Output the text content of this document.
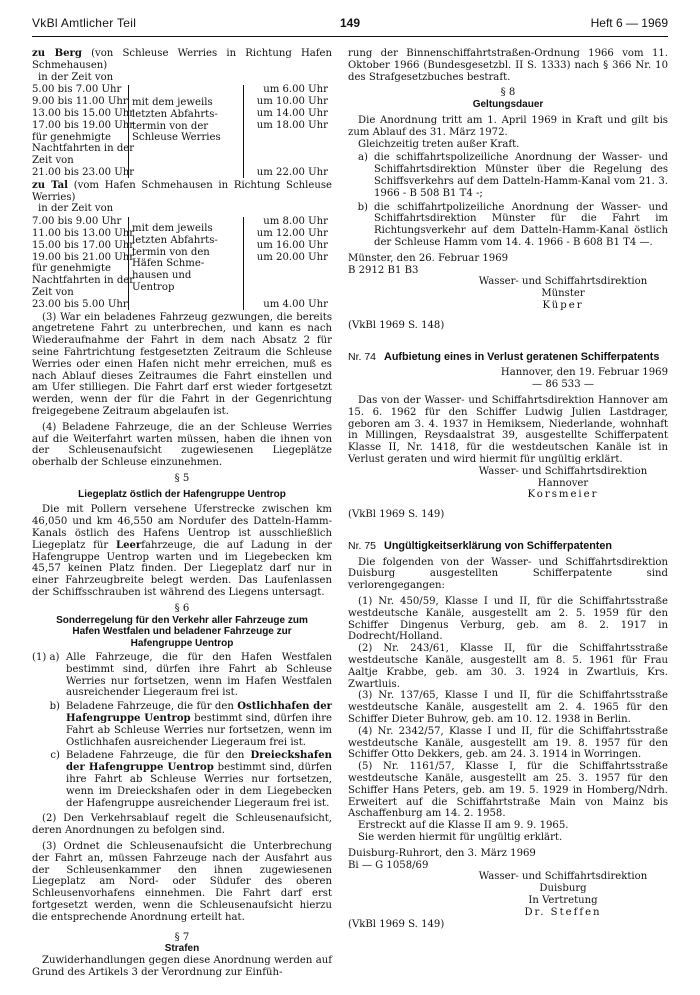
VkBl Amtlicher Teil	149	Heft 6 — 1969

zu Berg (von Schleuse Werries in Richtung Hafen Schmehausen)

in der Zeit von

5.00 bis 7.00 Uhr
9.00 bis 11.00 Uhr
13.00 bis 15.00 Uhr
17.00 bis 19.00 Uhr
für genehmigte
Nachtfahrten in der
Zeit von
21.00 bis 23.00 Uhr
mit dem jeweils
letzten Abfahrts-
termin von der
Schleuse Werries
um 6.00 Uhr
um 10.00 Uhr
um 14.00 Uhr
um 18.00 Uhr
um 22.00 Uhr

zu Tal (vom Hafen Schmehausen in Richtung Schleuse Werries)

in der Zeit von

7.00 bis 9.00 Uhr
11.00 bis 13.00 Uhr
15.00 bis 17.00 Uhr
19.00 bis 21.00 Uhr
für genehmigte
Nachtfahrten in der
Zeit von
23.00 bis 5.00 Uhr
mit dem jeweils
letzten Abfahrts-
termin von den
Häfen Schme-
hausen und
Uentrop
um 8.00 Uhr
um 12.00 Uhr
um 16.00 Uhr
um 20.00 Uhr
um 4.00 Uhr

(3) War ein beladenes Fahrzeug gezwungen, die bereits angetretene Fahrt zu unterbrechen, und kann es nach Wiederaufnahme der Fahrt in dem nach Absatz 2 für seine Fahrtrichtung festgesetzten Zeitraum die Schleuse Werries oder einen Hafen nicht mehr erreichen, muß es nach Ablauf dieses Zeitraumes die Fahrt einstellen und am Ufer stilliegen. Die Fahrt darf erst wieder fortgesetzt werden, wenn der für die Fahrt in der Gegenrichtung freigegebene Zeitraum abgelaufen ist.

(4) Beladene Fahrzeuge, die an der Schleuse Werries auf die Weiterfahrt warten müssen, haben die ihnen von der Schleusenaufsicht zugewiesenen Liegeplätze oberhalb der Schleuse einzunehmen.

§ 5

Liegeplatz östlich der Hafengruppe Uentrop

Die mit Pollern versehene Uferstrecke zwischen km 46,050 und km 46,550 am Nordufer des Datteln-Hamm-Kanals östlich des Hafens Uentrop ist ausschließlich Liegeplatz für Leerfahrzeuge, die auf Ladung in der Hafengruppe Uentrop warten und im Liegebecken km 45,57 keinen Platz finden. Der Liegeplatz darf nur in einer Fahrzeugbreite belegt werden. Das Laufenlassen der Schiffsschrauben ist während des Liegens untersagt.

§ 6

Sonderregelung für den Verkehr aller Fahrzeuge zum Hafen Westfalen und beladener Fahrzeuge zur Hafengruppe Uentrop

(1) a) Alle Fahrzeuge, die für den Hafen Westfalen bestimmt sind, dürfen ihre Fahrt ab Schleuse Werries nur fortsetzen, wenn im Hafen Westfalen ausreichender Liegeraum frei ist.

b) Beladene Fahrzeuge, die für den Ostlichhafen der Hafengruppe Uentrop bestimmt sind, dürfen ihre Fahrt ab Schleuse Werries nur fortsetzen, wenn im Ostlichhafen ausreichender Liegeraum frei ist.

c) Beladene Fahrzeuge, die für den Dreieckshafen der Hafengruppe Uentrop bestimmt sind, dürfen ihre Fahrt ab Schleuse Werries nur fortsetzen, wenn im Dreieckshafen oder in dem Liegebecken der Hafengruppe ausreichender Liegeraum frei ist.

(2) Den Verkehrsablauf regelt die Schleusenaufsicht, deren Anordnungen zu befolgen sind.

(3) Ordnet die Schleusenaufsicht die Unterbrechung der Fahrt an, müssen Fahrzeuge nach der Ausfahrt aus der Schleusenkammer den ihnen zugewiesenen Liegeplatz am Nord- oder Südufer des oberen Schleusenvorhafens einnehmen. Die Fahrt darf erst fortgesetzt werden, wenn die Schleusenaufsicht hierzu die entsprechende Anordnung erteilt hat.

§ 7

Strafen

Zuwiderhandlungen gegen diese Anordnung werden auf Grund des Artikels 3 der Verordnung zur Einfüh-

rung der Binnenschiffahrtstraßen-Ordnung 1966 vom 11. Oktober 1966 (Bundesgesetzbl. II S. 1333) nach § 366 Nr. 10 des Strafgesetzbuches bestraft.

§ 8

Geltungsdauer

Die Anordnung tritt am 1. April 1969 in Kraft und gilt bis zum Ablauf des 31. März 1972.

Gleichzeitig treten außer Kraft.

a) die schiffahrtspolizeiliche Anordnung der Wasser- und Schiffahrtsdirektion Münster über die Regelung des Schiffsverkehrs auf dem Datteln-Hamm-Kanal vom 21. 3. 1966 - B 508 B1 T4 -;

b) die schiffahrtpolizeiliche Anordnung der Wasser- und Schiffahrtsdirektion Münster für die Fahrt im Richtungsverkehr auf dem Datteln-Hamm-Kanal östlich der Schleuse Hamm vom 14. 4. 1966 - B 608 B1 T4 —.

Münster, den 26. Februar 1969

B 2912 B1 B3

Wasser- und Schiffahrtsdirektion

Münster

Küper

(VkBl 1969 S. 148)

Nr. 74 Aufbietung eines in Verlust geratenen Schifferpatents

Hannover, den 19. Februar 1969

— 86 533 —

Das von der Wasser- und Schiffahrtsdirektion Hannover am 15. 6. 1962 für den Schiffer Ludwig Julien Lastdrager, geboren am 3. 4. 1937 in Hemiksem, Niederlande, wohnhaft in Millingen, Reysdaalstrat 39, ausgestellte Schifferpatent Klasse II, Nr. 1418, für die westdeutschen Kanäle ist in Verlust geraten und wird hiermit für ungültig erklärt.

Wasser- und Schiffahrtsdirektion

Hannover

Korsmeier

(VkBl 1969 S. 149)

Nr. 75 Ungültigkeitserklärung von Schifferpatenten

Die folgenden von der Wasser- und Schiffahrtsdirektion Duisburg ausgestellten Schifferpatente sind verlorengegangen:

(1) Nr. 450/59, Klasse I und II, für die Schiffahrtsstraße westdeutsche Kanäle, ausgestellt am 2. 5. 1959 für den Schiffer Dingenus Verburg, geb. am 8. 2. 1917 in Dodrecht/Holland.

(2) Nr. 243/61, Klasse II, für die Schiffahrtsstraße westdeutsche Kanäle, ausgestellt am 8. 5. 1961 für Frau Aaltje Krabbe, geb. am 30. 3. 1924 in Zwartluis, Krs. Zwartluis.

(3) Nr. 137/65, Klasse I und II, für die Schiffahrtsstraße westdeutsche Kanäle, ausgestellt am 2. 4. 1965 für den Schiffer Dieter Buhrow, geb. am 10. 12. 1938 in Berlin.

(4) Nr. 2342/57, Klasse I und II, für die Schiffahrtsstraße westdeutsche Kanäle, ausgestellt am 19. 8. 1957 für den Schiffer Otto Dekkers, geb. am 24. 3. 1914 in Worringen.

(5) Nr. 1161/57, Klasse I, für die Schiffahrtsstraße westdeutsche Kanäle, ausgestellt am 25. 3. 1957 für den Schiffer Hans Peters, geb. am 19. 5. 1929 in Homberg/Ndrh. Erweitert auf die Schiffahrtstraße Main von Mainz bis Aschaffenburg am 14. 2. 1958.

Erstreckt auf die Klasse II am 9. 9. 1965.

Sie werden hiermit für ungültig erklärt.

Duisburg-Ruhrort, den 3. März 1969

Bi — G 1058/69

Wasser- und Schiffahrtsdirektion

Duisburg

In Vertretung

Dr. Steffen

(VkBl 1969 S. 149)
